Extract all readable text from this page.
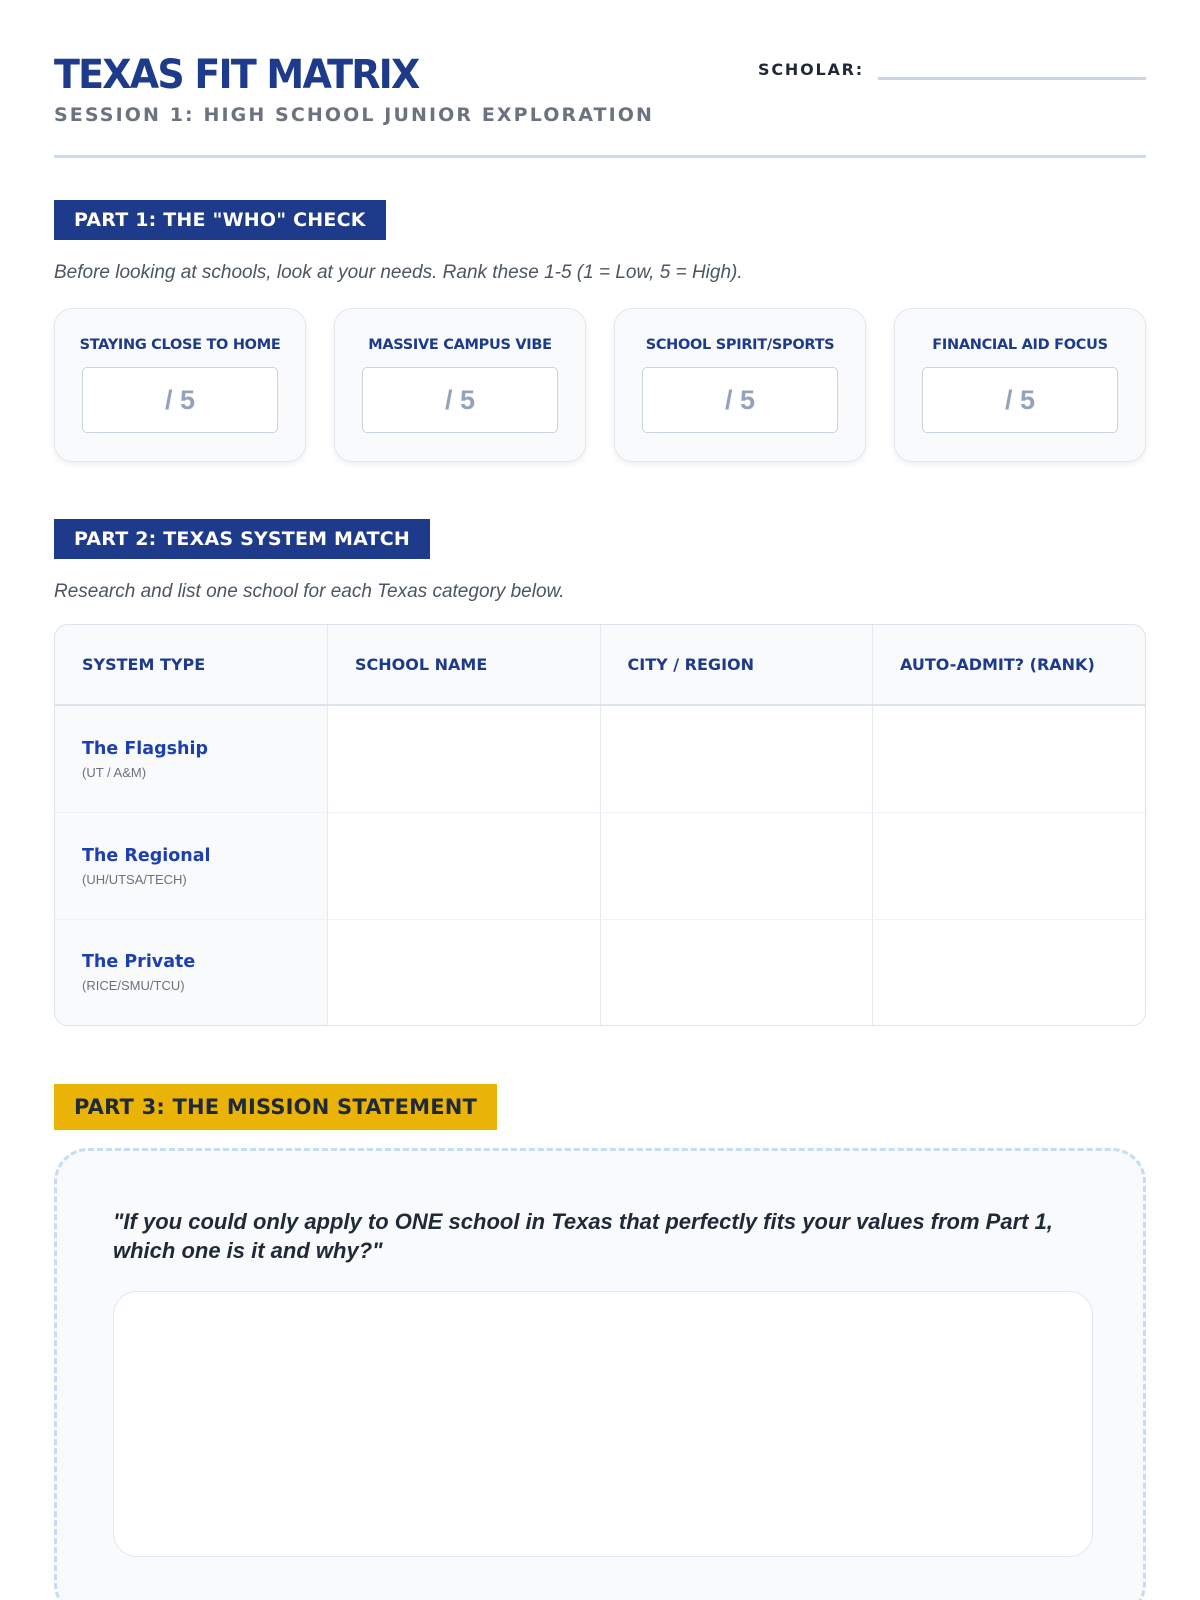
TEXAS FIT MATRIX
SESSION 1: HIGH SCHOOL JUNIOR EXPLORATION
SCHOLAR:
PART 1: THE "WHO" CHECK
Before looking at schools, look at your needs. Rank these 1-5 (1 = Low, 5 = High).
STAYING CLOSE TO HOME
/ 5
MASSIVE CAMPUS VIBE
/ 5
SCHOOL SPIRIT/SPORTS
/ 5
FINANCIAL AID FOCUS
/ 5
PART 2: TEXAS SYSTEM MATCH
Research and list one school for each Texas category below.
SYSTEM TYPE	SCHOOL NAME	CITY / REGION	AUTO-ADMIT? (RANK)

The Flagship
(UT / A&M)			

The Regional
(UH/UTSA/TECH)			

The Private
(RICE/SMU/TCU)			

PART 3: THE MISSION STATEMENT
"If you could only apply to ONE school in Texas that perfectly fits your values from Part 1, which one is it and why?"
